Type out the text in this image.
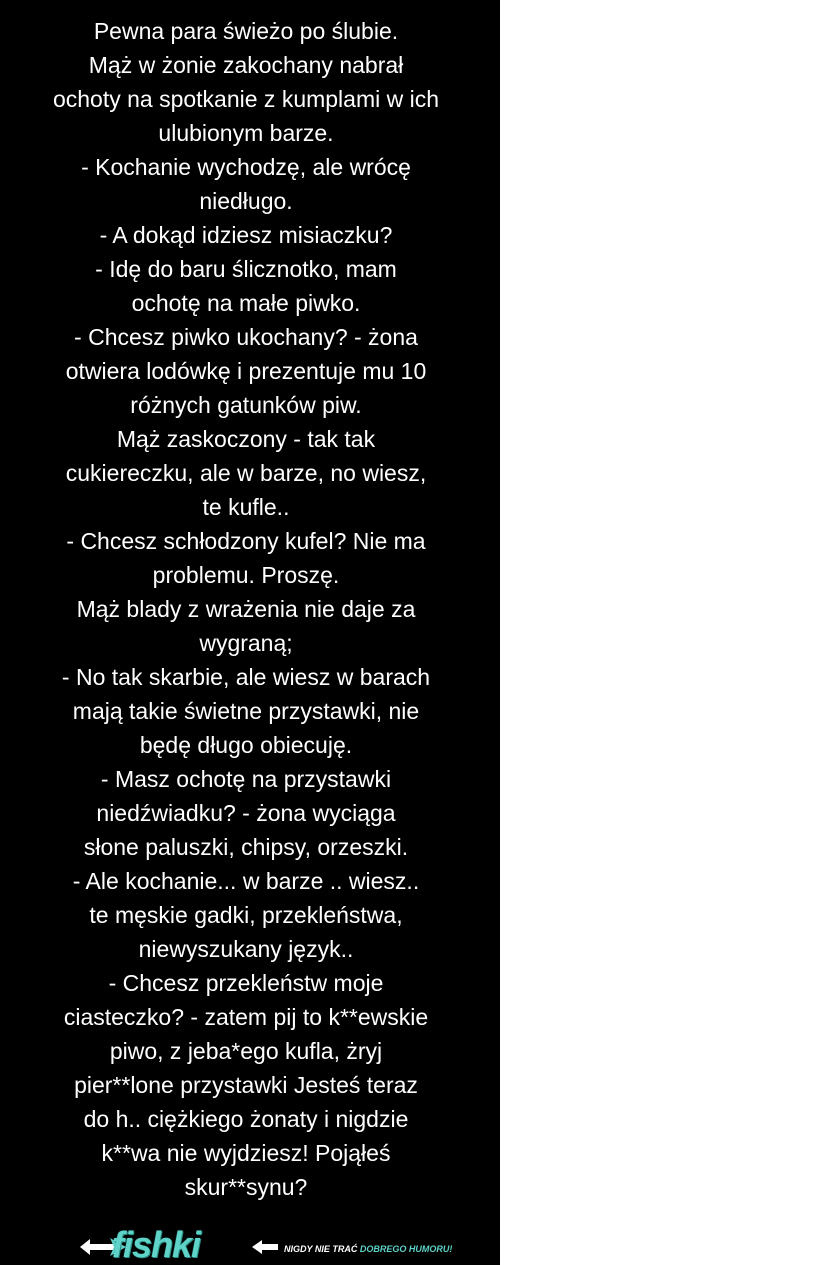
Pewna para świeżo po ślubie.
Mąż w żonie zakochany nabrał
ochoty na spotkanie z kumplami w ich
ulubionym barze.
- Kochanie wychodzę, ale wrócę
niedługo.
- A dokąd idziesz misiaczku?
- Idę do baru ślicznotko, mam
ochotę na małe piwko.
- Chcesz piwko ukochany? - żona
otwiera lodówkę i prezentuje mu 10
różnych gatunków piw.
Mąż zaskoczony - tak tak
cukiereczku, ale w barze, no wiesz,
te kufle..
- Chcesz schłodzony kufel? Nie ma
problemu. Proszę.
Mąż blady z wrażenia nie daje za
wygraną;
- No tak skarbie, ale wiesz w barach
mają takie świetne przystawki, nie
będę długo obiecuję.
- Masz ochotę na przystawki
niedźwiadku? - żona wyciąga
słone paluszki, chipsy, orzeszki.
- Ale kochanie... w barze .. wiesz..
te męskie gadki, przekleństwa,
niewyszukany język..
- Chcesz przekleństw moje
ciasteczko? - zatem pij to k**ewskie
piwo, z jeba*ego kufla, żryj
pier**lone przystawki Jesteś teraz
do h.. ciężkiego żonaty i nigdzie
k**wa nie wyjdziesz! Pojąłeś
skur**synu?
fishki	NIGDY NIE TRAĆ DOBREGO HUMORU!
